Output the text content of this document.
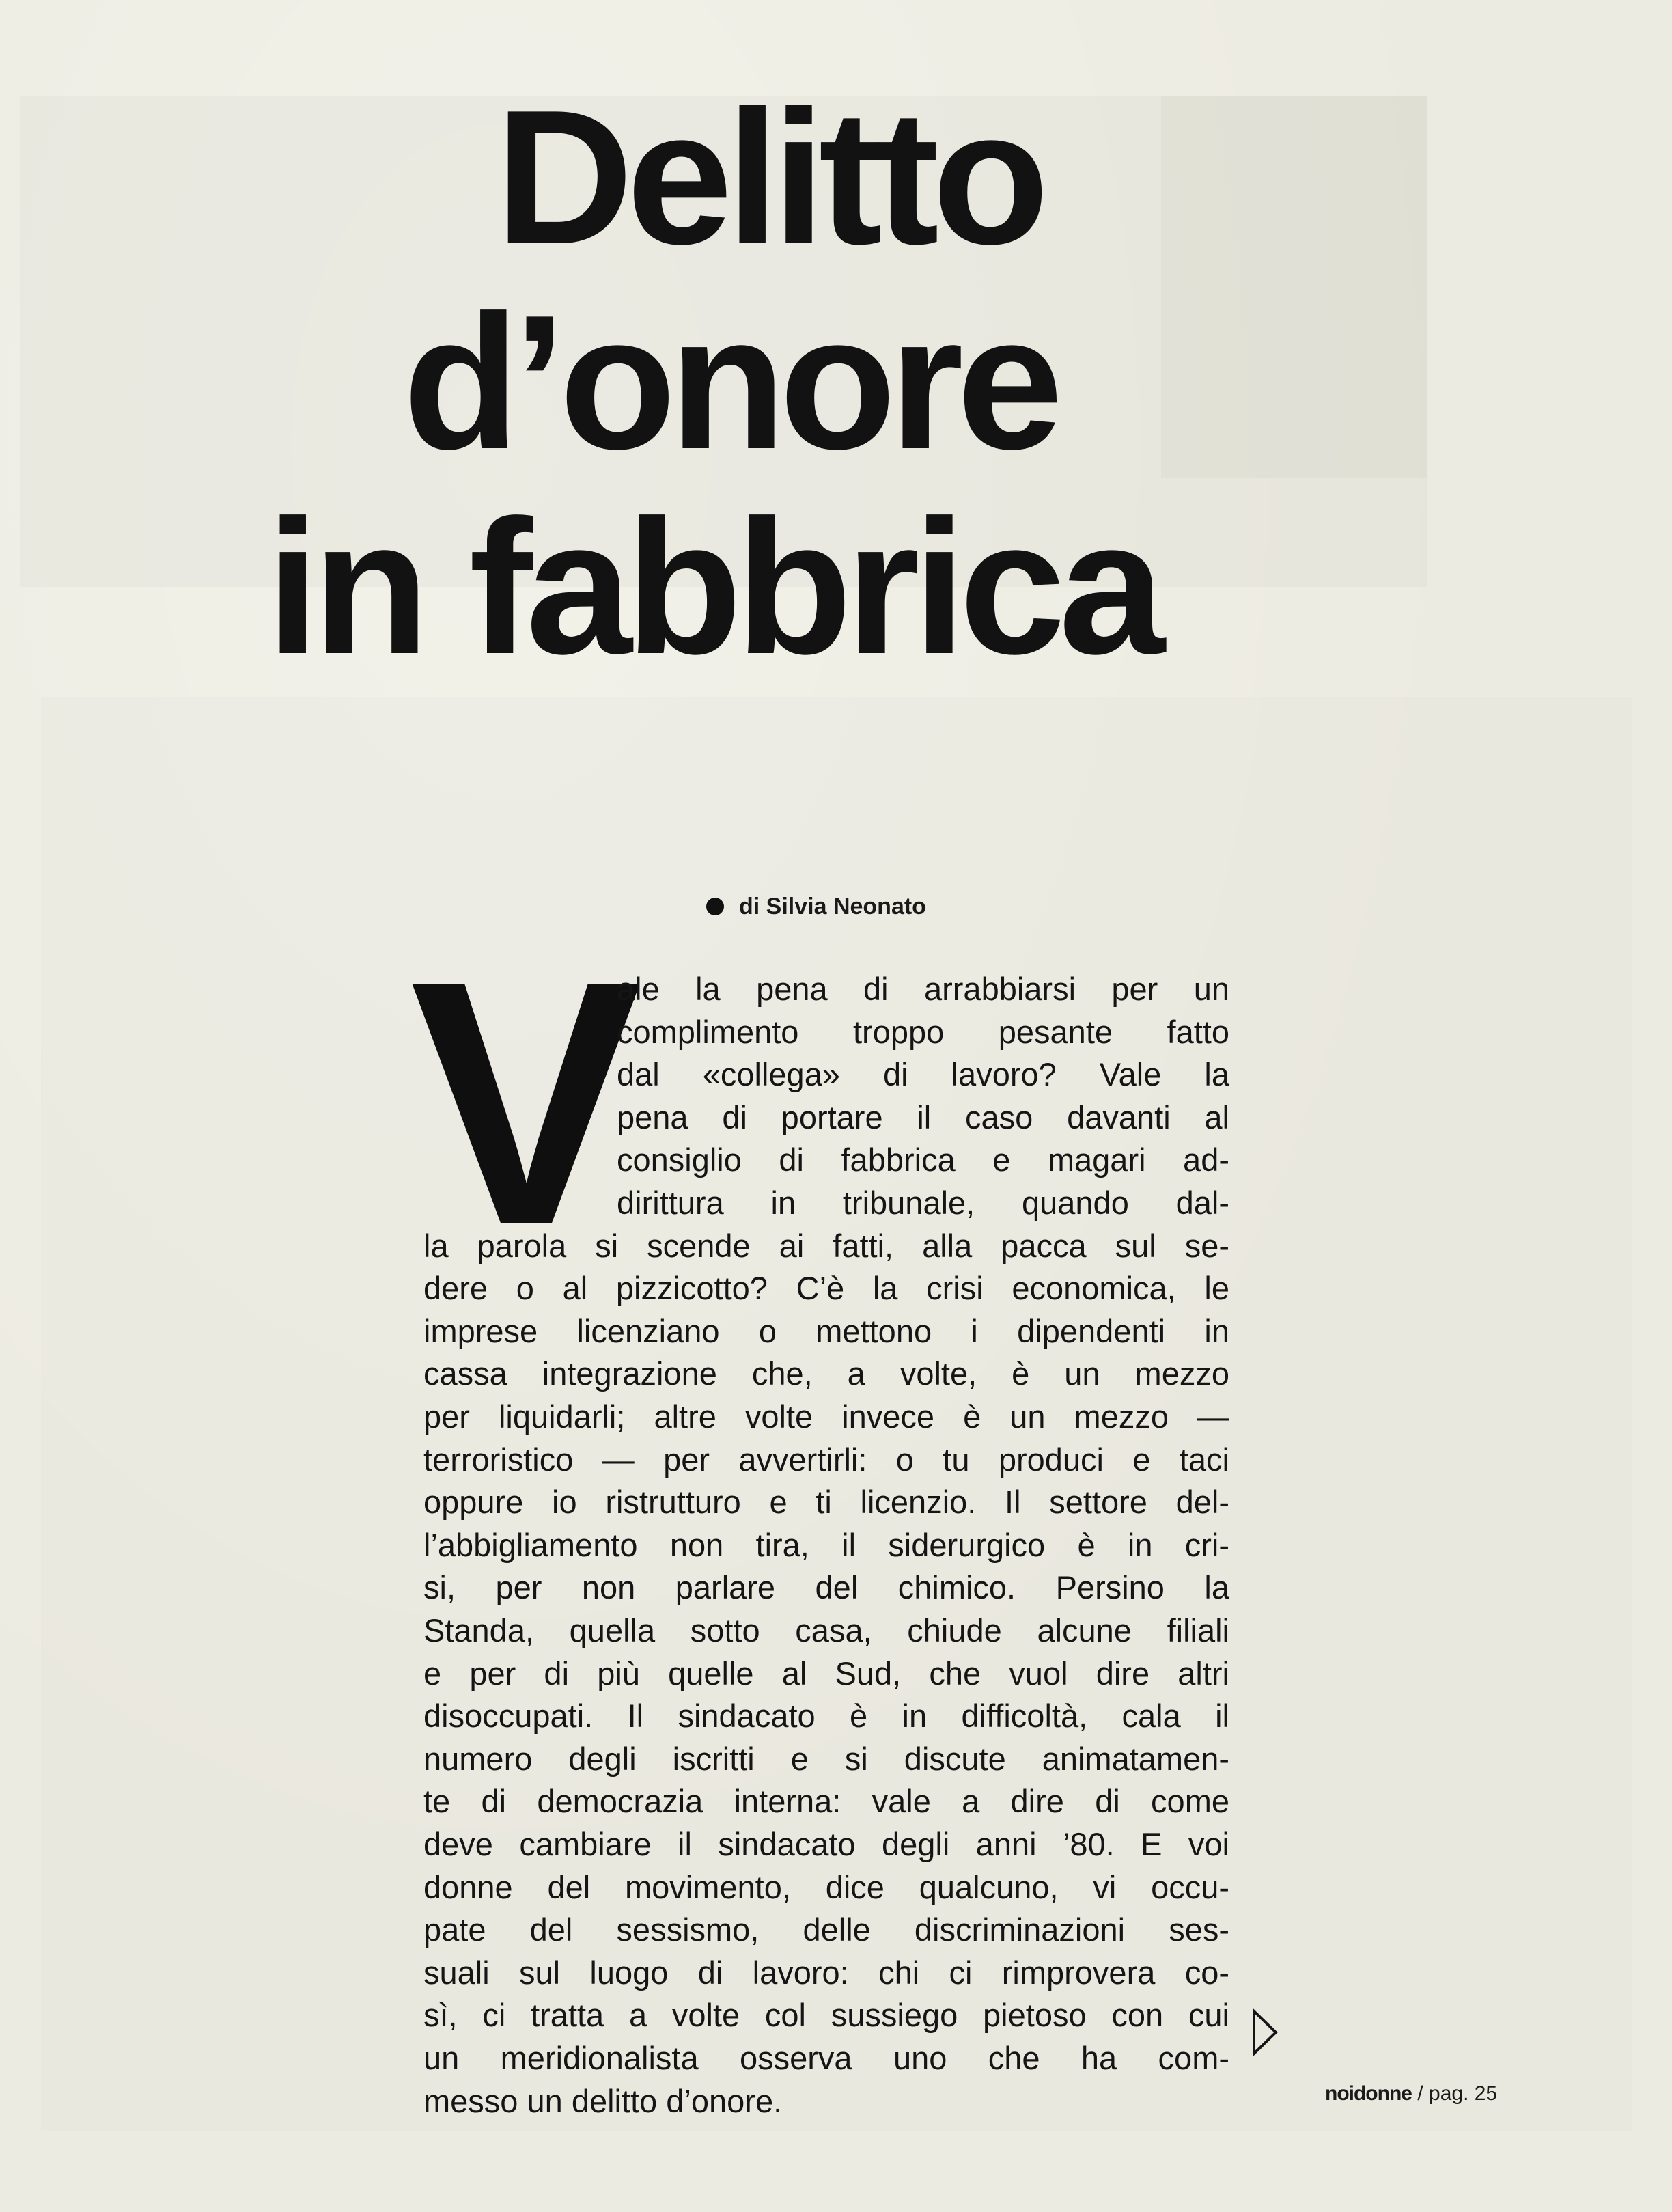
Delitto
d’onore
in fabbrica
di Silvia Neonato
V
ale la pena di arrabbiarsi per un
complimento troppo pesante fatto
dal «collega» di lavoro? Vale la
pena di portare il caso davanti al
consiglio di fabbrica e magari ad-
dirittura in tribunale, quando dal-
la parola si scende ai fatti, alla pacca sul se-
dere o al pizzicotto? C’è la crisi economica, le
imprese licenziano o mettono i dipendenti in
cassa integrazione che, a volte, è un mezzo
per liquidarli; altre volte invece è un mezzo —
terroristico — per avvertirli: o tu produci e taci
oppure io ristrutturo e ti licenzio. Il settore del-
l’abbigliamento non tira, il siderurgico è in cri-
si, per non parlare del chimico. Persino la
Standa, quella sotto casa, chiude alcune filiali
e per di più quelle al Sud, che vuol dire altri
disoccupati. Il sindacato è in difficoltà, cala il
numero degli iscritti e si discute animatamen-
te di democrazia interna: vale a dire di come
deve cambiare il sindacato degli anni ’80. E voi
donne del movimento, dice qualcuno, vi occu-
pate del sessismo, delle discriminazioni ses-
suali sul luogo di lavoro: chi ci rimprovera co-
sì, ci tratta a volte col sussiego pietoso con cui
un meridionalista osserva uno che ha com-
messo un delitto d’onore.	noidonne / pag. 25
